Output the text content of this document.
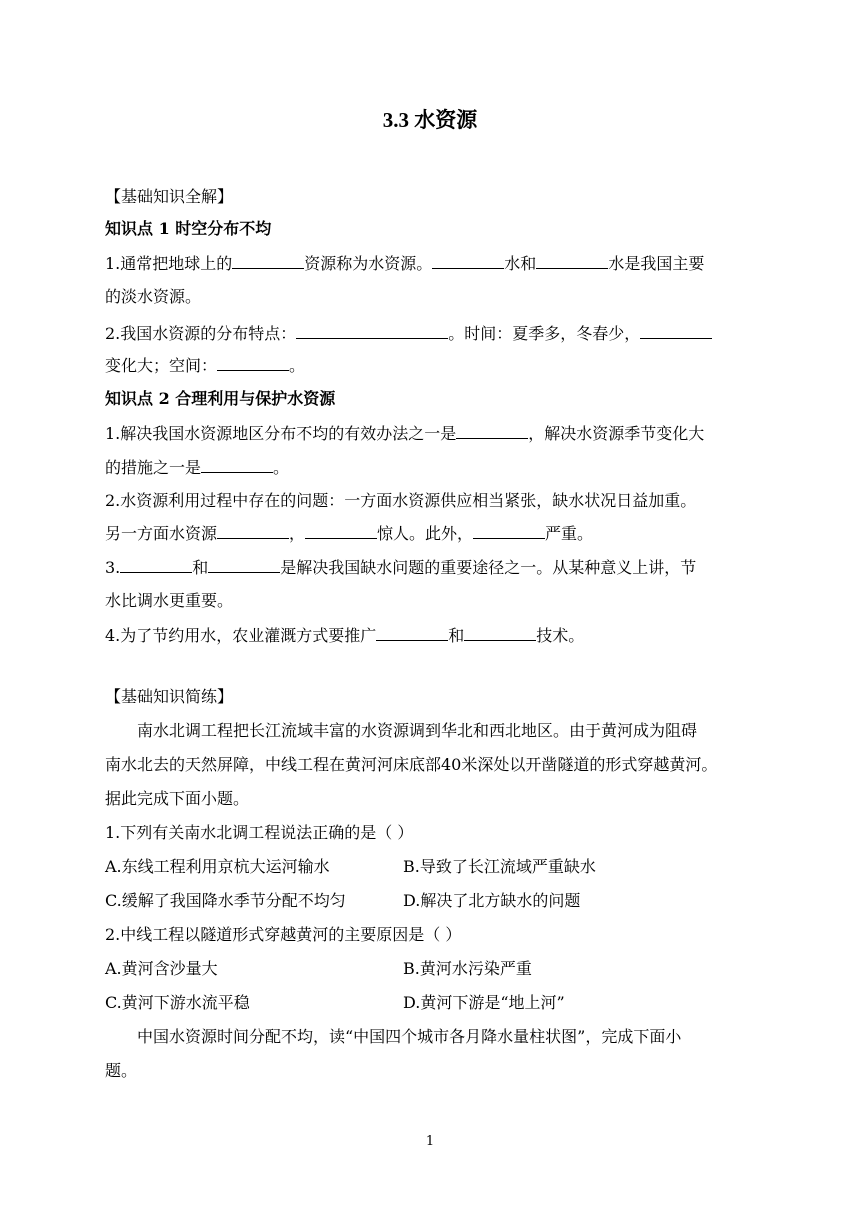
3.3 水资源
【基础知识全解】
知识点 1 时空分布不均
1.通常把地球上的	资源称为水资源。	水和	水是我国主要
的淡水资源。
2.我国水资源的分布特点：	。时间：夏季多，冬春少，
变化大；空间：	。
知识点 2 合理利用与保护水资源
1.解决我国水资源地区分布不均的有效办法之一是	，解决水资源季节变化大
的措施之一是	。
2.水资源利用过程中存在的问题：一方面水资源供应相当紧张，缺水状况日益加重。
另一方面水资源	，	惊人。此外，	严重。
3.	和	是解决我国缺水问题的重要途径之一。从某种意义上讲，节
水比调水更重要。
4.为了节约用水，农业灌溉方式要推广	和	技术。
【基础知识简练】
南水北调工程把长江流域丰富的水资源调到华北和西北地区。由于黄河成为阻碍
南水北去的天然屏障，中线工程在黄河河床底部40米深处以开凿隧道的形式穿越黄河。
据此完成下面小题。
1.下列有关南水北调工程说法正确的是（ ）
A.东线工程利用京杭大运河输水	B.导致了长江流域严重缺水
C.缓解了我国降水季节分配不均匀	D.解决了北方缺水的问题
2.中线工程以隧道形式穿越黄河的主要原因是（ ）
A.黄河含沙量大	B.黄河水污染严重
C.黄河下游水流平稳	D.黄河下游是“地上河”
中国水资源时间分配不均，读“中国四个城市各月降水量柱状图”，完成下面小
题。
1
